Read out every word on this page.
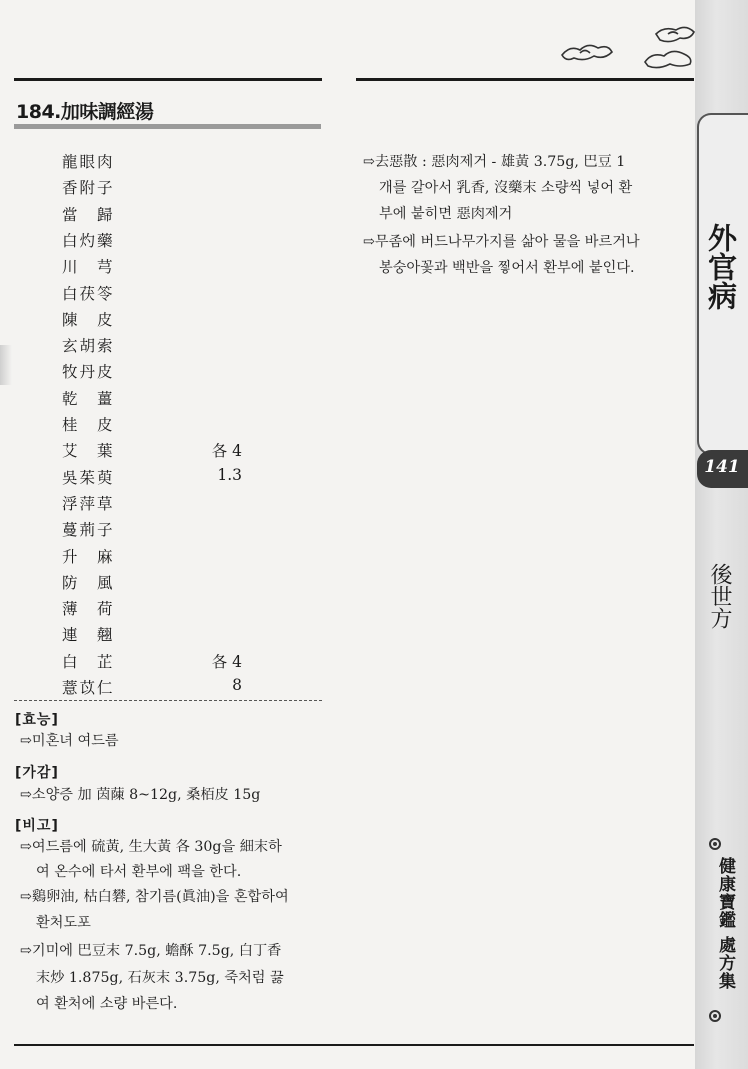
184.加味調經湯
龍眼肉
香附子
當　歸
白灼藥
川　芎
白茯笭
陳　皮
玄胡索
牧丹皮
乾　薑
桂　皮
艾　葉	各 4
吳茱萸	1.3
浮萍草
蔓荊子
升　麻
防　風
薄　荷
連　翹
白　芷	各 4
薏苡仁	8
[효능]
⇨미혼녀 여드름
[가감]
⇨소양증 加 茵蔯 8~12g, 桑栢皮 15g
[비고]
⇨여드름에 硫黃, 生大黃 各 30g을 細末하
여 온수에 타서 환부에 팩을 한다.
⇨鷄卵油, 枯白礬, 참기름(眞油)을 혼합하여
환처도포
⇨기미에 巴豆末 7.5g, 蟾酥 7.5g, 白丁香
末炒 1.875g, 石灰末 3.75g, 죽처럼 끓
여 환처에 소량 바른다.
⇨去惡散 : 惡肉제거 - 雄黃 3.75g, 巴豆 1
개를 갈아서 乳香, 沒藥末 소량씩 넣어 환
부에 붙히면 惡肉제거
⇨무좀에 버드나무가지를 삶아 물을 바르거나
봉숭아꽃과 백반을 찧어서 환부에 붙인다. 外官病
141
後世方
健康寶鑑 處方集
